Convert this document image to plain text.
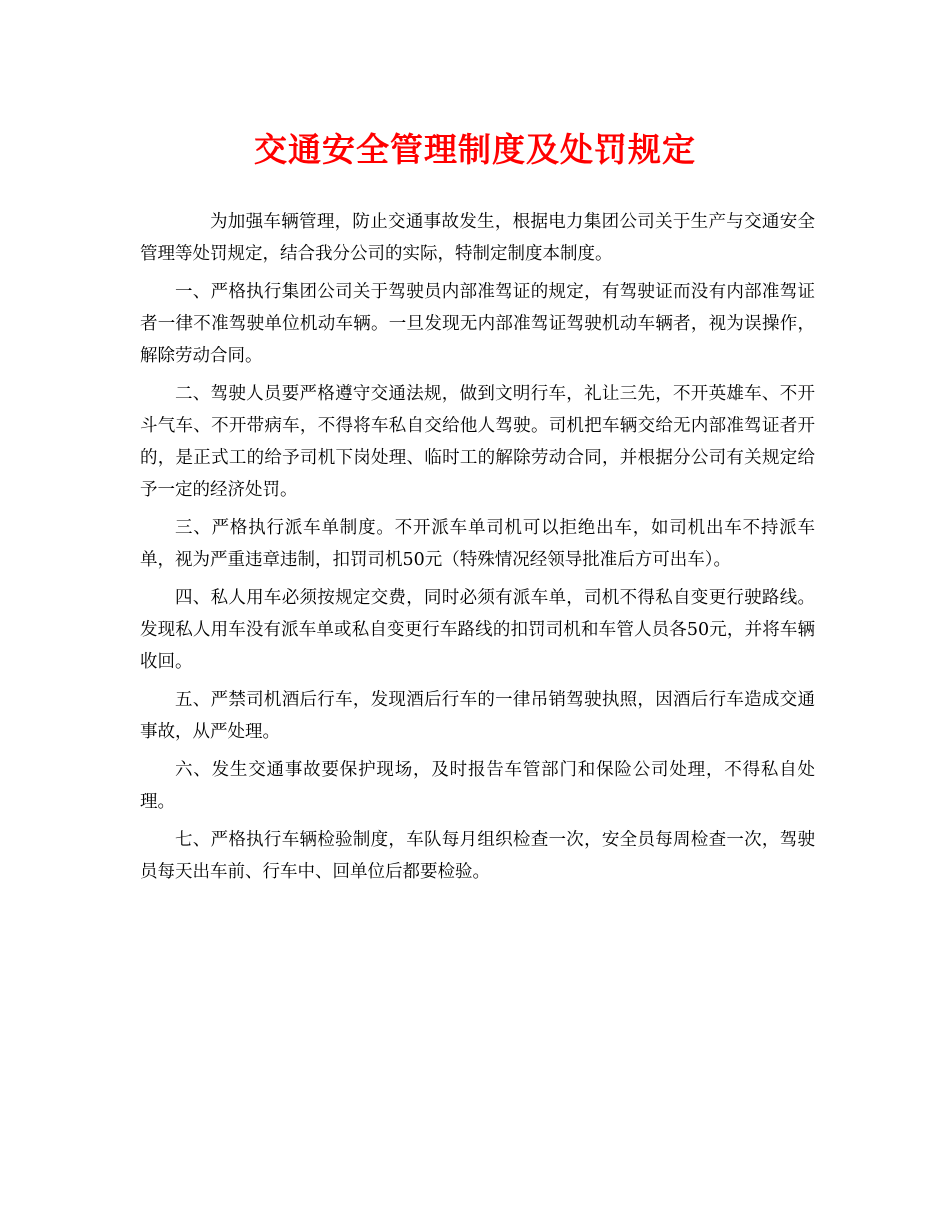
交通安全管理制度及处罚规定

为加强车辆管理，防止交通事故发生，根据电力集团公司关于生产与交通安全管理等处罚规定，结合我分公司的实际，特制定制度本制度。

一、严格执行集团公司关于驾驶员内部准驾证的规定，有驾驶证而没有内部准驾证者一律不准驾驶单位机动车辆。一旦发现无内部准驾证驾驶机动车辆者，视为误操作，解除劳动合同。

二、驾驶人员要严格遵守交通法规，做到文明行车，礼让三先，不开英雄车、不开斗气车、不开带病车，不得将车私自交给他人驾驶。司机把车辆交给无内部准驾证者开的，是正式工的给予司机下岗处理、临时工的解除劳动合同，并根据分公司有关规定给予一定的经济处罚。

三、严格执行派车单制度。不开派车单司机可以拒绝出车，如司机出车不持派车单，视为严重违章违制，扣罚司机50元（特殊情况经领导批准后方可出车）。

四、私人用车必须按规定交费，同时必须有派车单，司机不得私自变更行驶路线。发现私人用车没有派车单或私自变更行车路线的扣罚司机和车管人员各50元，并将车辆收回。

五、严禁司机酒后行车，发现酒后行车的一律吊销驾驶执照，因酒后行车造成交通事故，从严处理。

六、发生交通事故要保护现场，及时报告车管部门和保险公司处理，不得私自处理。

七、严格执行车辆检验制度，车队每月组织检查一次，安全员每周检查一次，驾驶员每天出车前、行车中、回单位后都要检验。
